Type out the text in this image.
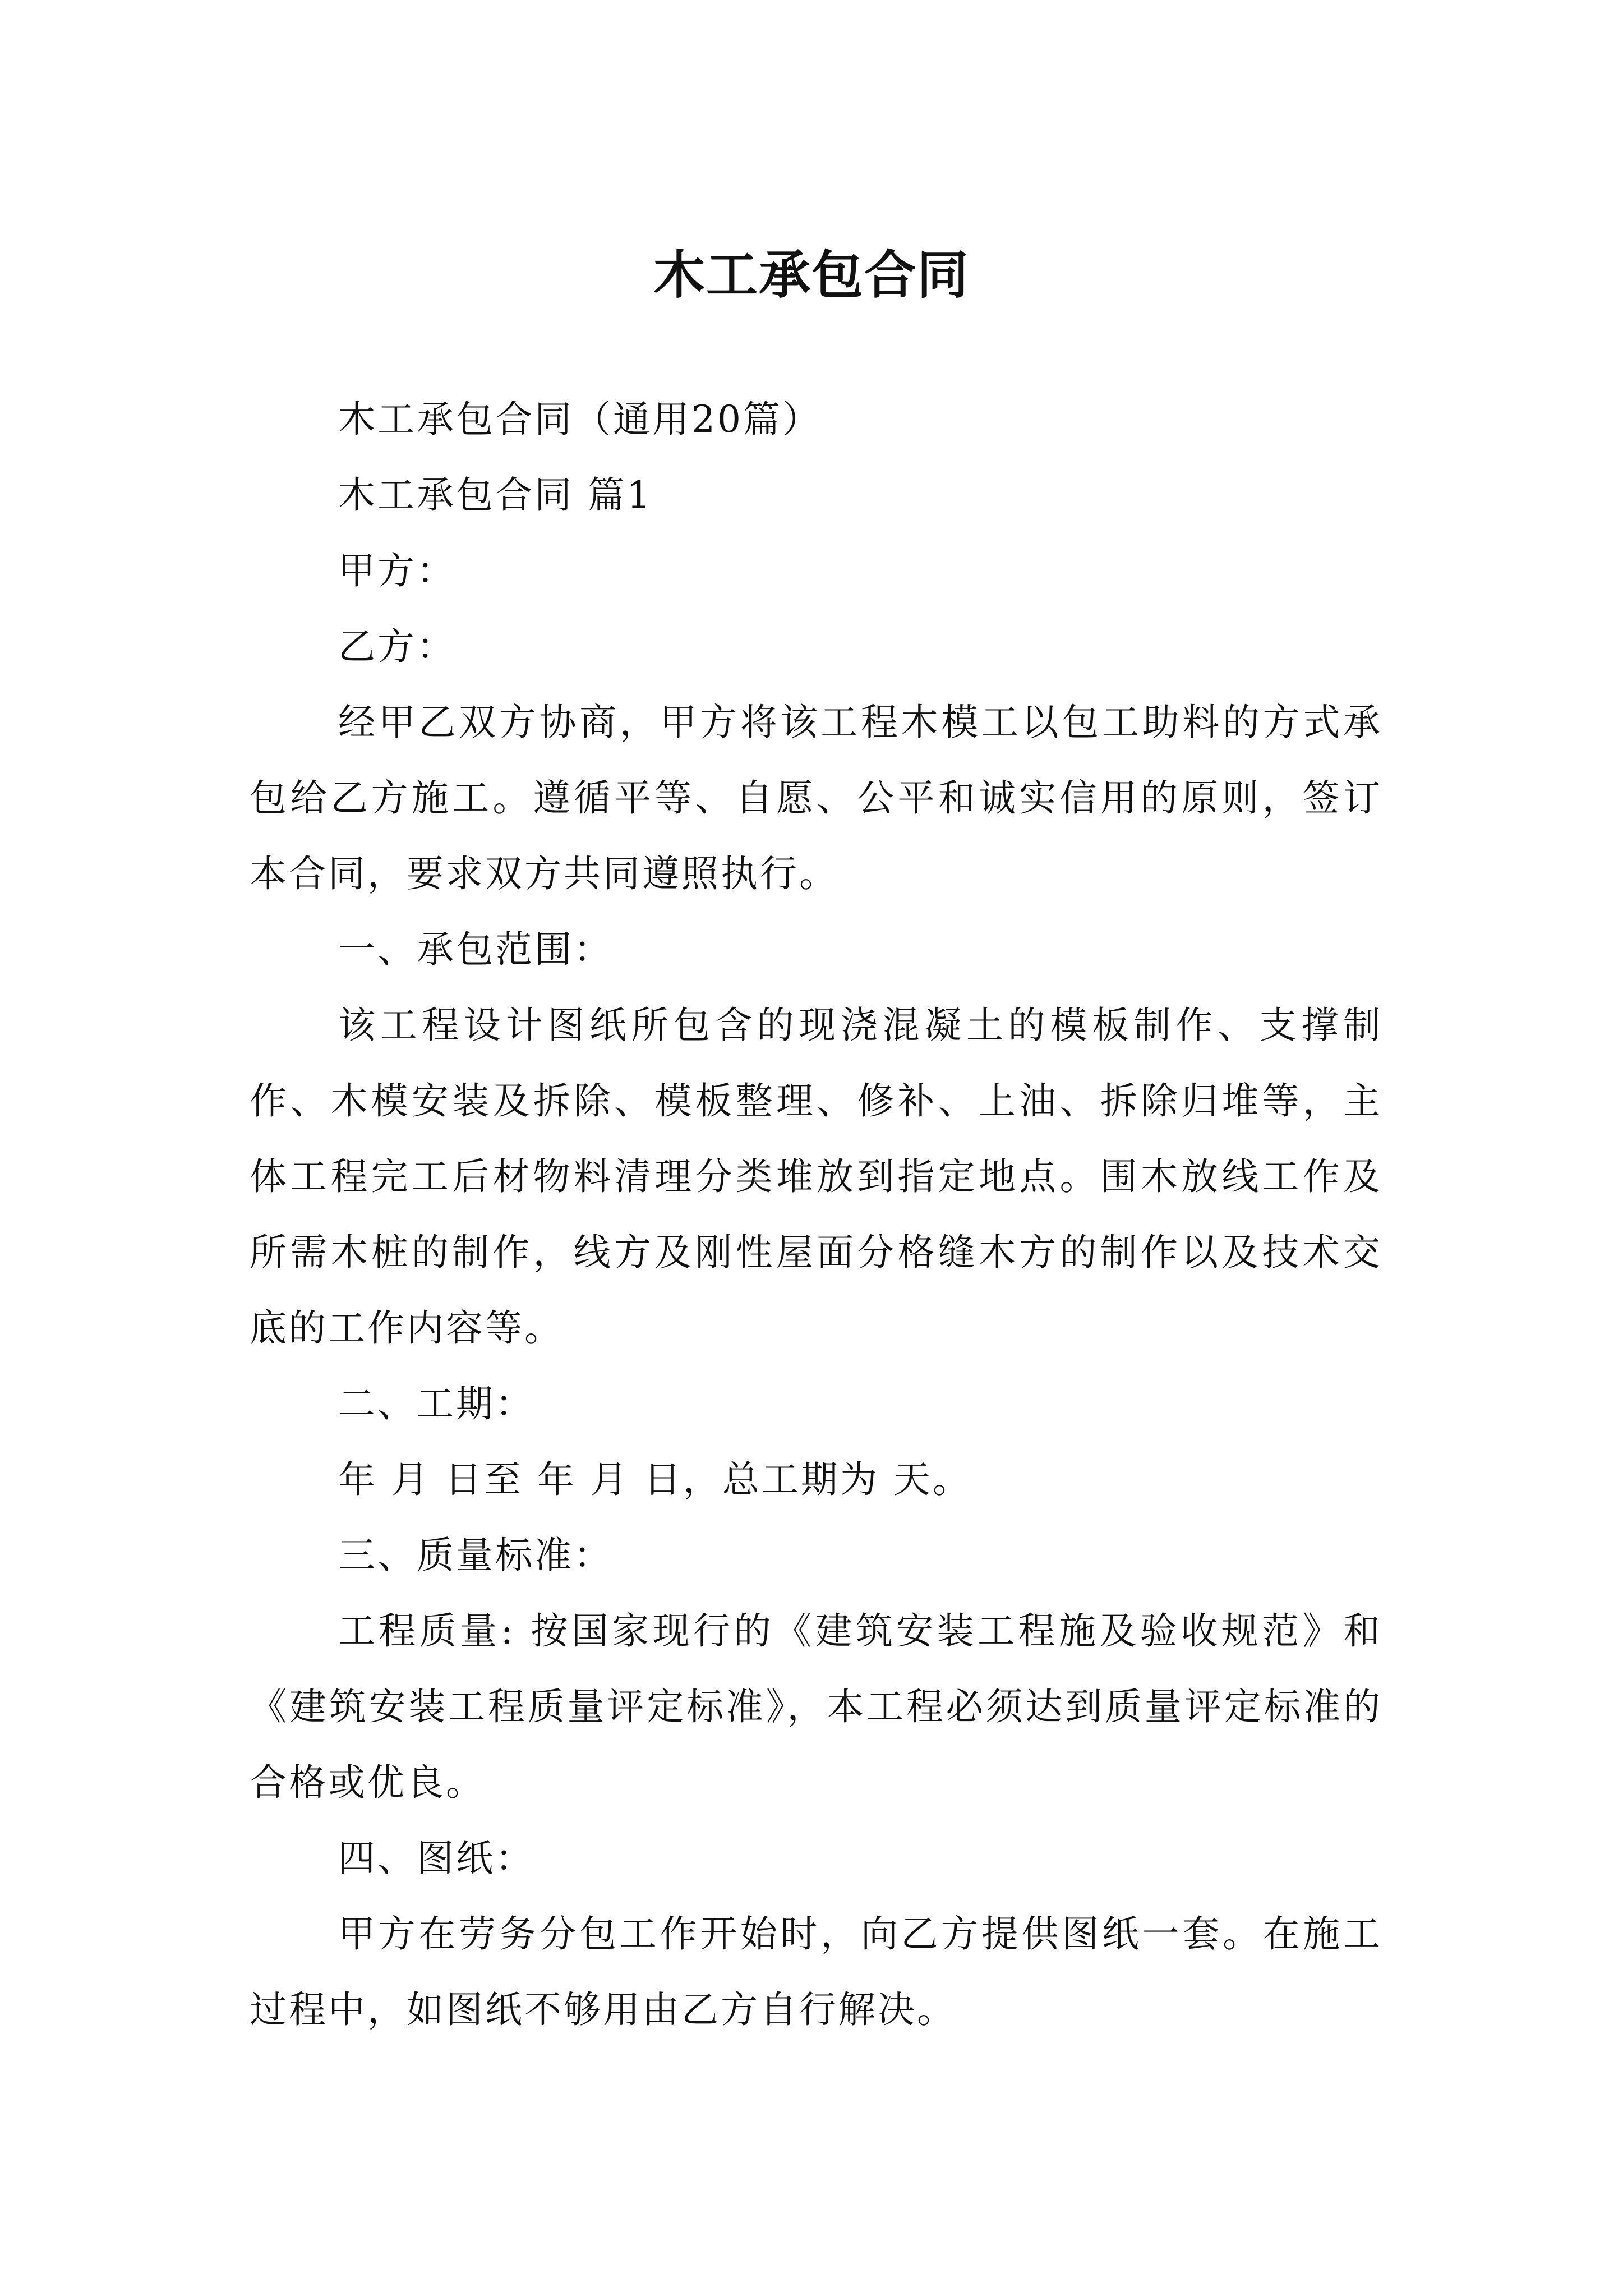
木工承包合同

木工承包合同（通用20篇）

木工承包合同 篇1

甲方：

乙方：

经甲乙双方协商，甲方将该工程木模工以包工助料的方式承包给乙方施工。遵循平等、自愿、公平和诚实信用的原则，签订本合同，要求双方共同遵照执行。

一、承包范围：

该工程设计图纸所包含的现浇混凝土的模板制作、支撑制作、木模安装及拆除、模板整理、修补、上油、拆除归堆等，主体工程完工后材物料清理分类堆放到指定地点。围木放线工作及所需木桩的制作，线方及刚性屋面分格缝木方的制作以及技术交底的工作内容等。

二、工期：

年 月 日至 年 月 日，总工期为 天。

三、质量标准：

工程质量: 按国家现行的《建筑安装工程施及验收规范》和《建筑安装工程质量评定标准》，本工程必须达到质量评定标准的合格或优良。

四、图纸：

甲方在劳务分包工作开始时，向乙方提供图纸一套。在施工过程中，如图纸不够用由乙方自行解决。
